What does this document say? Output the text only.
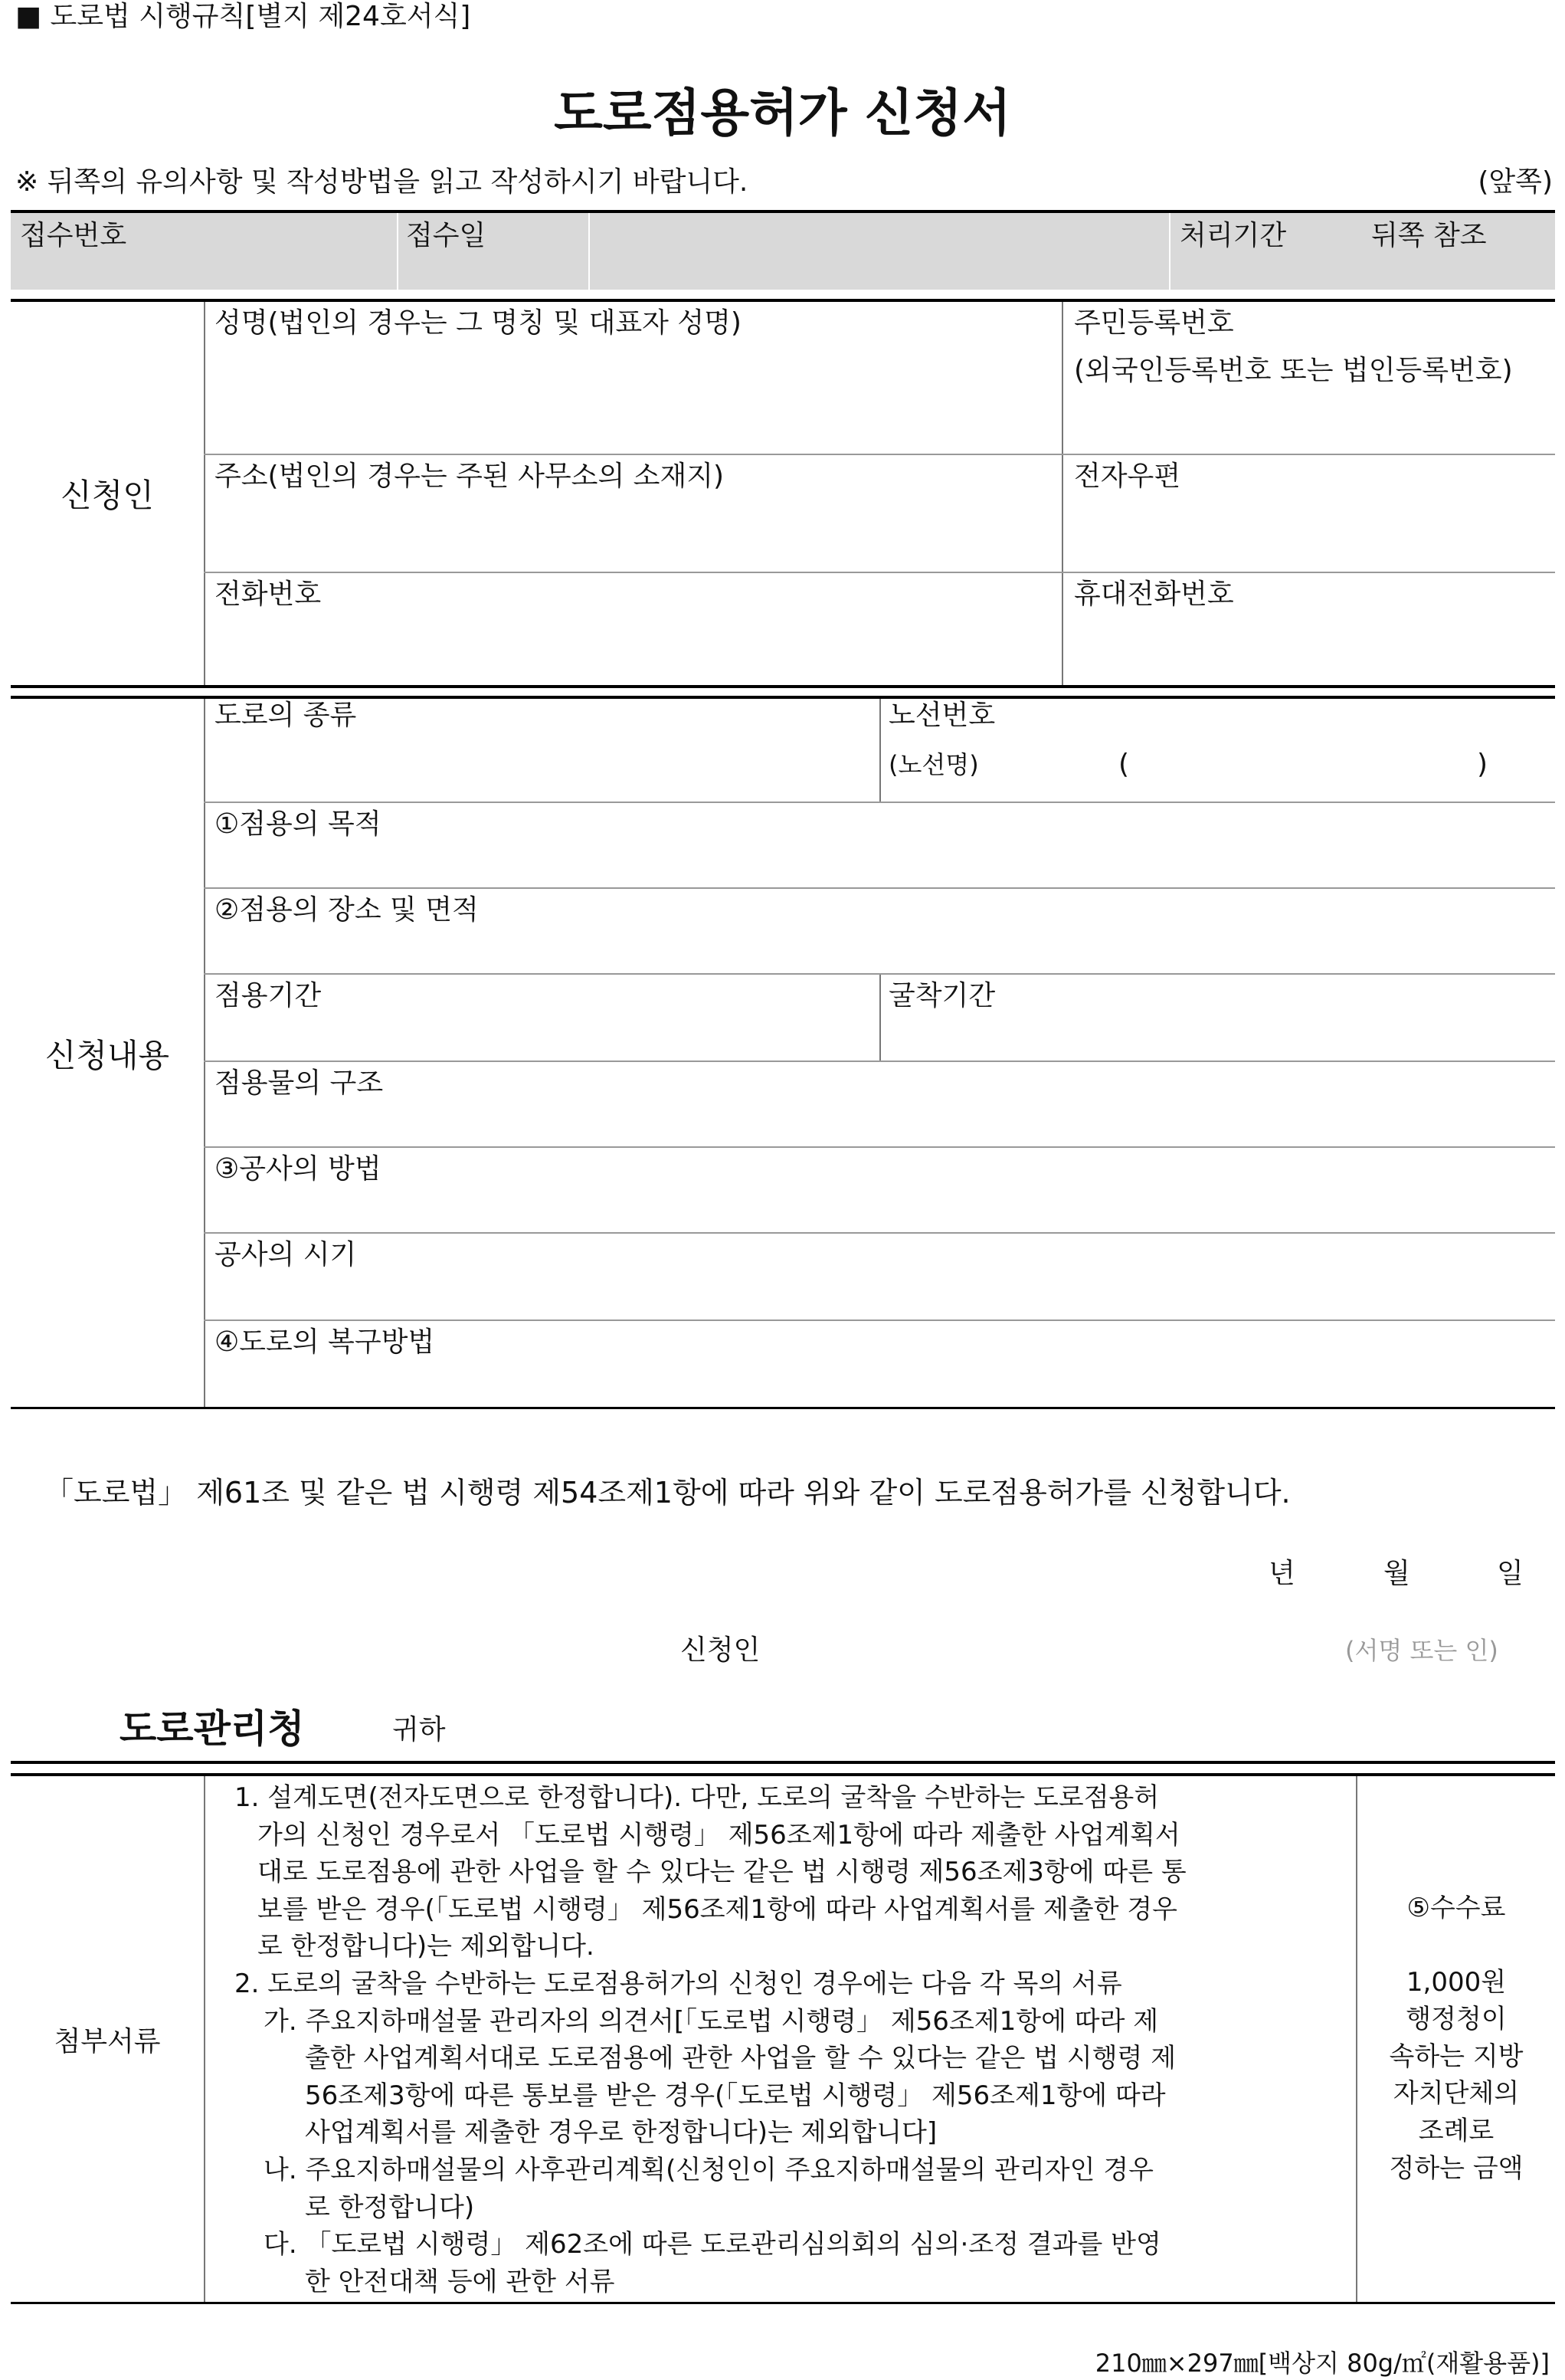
■ 도로법 시행규칙[별지 제24호서식]
도로점용허가 신청서
※ 뒤쪽의 유의사항 및 작성방법을 읽고 작성하시기 바랍니다.	(앞쪽)
접수번호	접수일	처리기간	뒤쪽 참조
신청인
성명(법인의 경우는 그 명칭 및 대표자 성명)	주민등록번호
(외국인등록번호 또는 법인등록번호)
주소(법인의 경우는 주된 사무소의 소재지)	전자우편
전화번호	휴대전화번호
신청내용
도로의 종류	노선번호
(노선명)	(	)
①점용의 목적
②점용의 장소 및 면적
점용기간	굴착기간
점용물의 구조
③공사의 방법
공사의 시기
④도로의 복구방법
「도로법」 제61조 및 같은 법 시행령 제54조제1항에 따라 위와 같이 도로점용허가를 신청합니다.
년	월	일
신청인	(서명 또는 인)
도로관리청	귀하
첨부서류
1. 설계도면(전자도면으로 한정합니다). 다만, 도로의 굴착을 수반하는 도로점용허
가의 신청인 경우로서 「도로법 시행령」 제56조제1항에 따라 제출한 사업계획서
대로 도로점용에 관한 사업을 할 수 있다는 같은 법 시행령 제56조제3항에 따른 통
보를 받은 경우(「도로법 시행령」 제56조제1항에 따라 사업계획서를 제출한 경우
로 한정합니다)는 제외합니다.
2. 도로의 굴착을 수반하는 도로점용허가의 신청인 경우에는 다음 각 목의 서류
가. 주요지하매설물 관리자의 의견서[「도로법 시행령」 제56조제1항에 따라 제
출한 사업계획서대로 도로점용에 관한 사업을 할 수 있다는 같은 법 시행령 제
56조제3항에 따른 통보를 받은 경우(「도로법 시행령」 제56조제1항에 따라
사업계획서를 제출한 경우로 한정합니다)는 제외합니다]
나. 주요지하매설물의 사후관리계획(신청인이 주요지하매설물의 관리자인 경우
로 한정합니다)
다. 「도로법 시행령」 제62조에 따른 도로관리심의회의 심의·조정 결과를 반영
한 안전대책 등에 관한 서류
⑤수수료
1,000원
행정청이
속하는 지방
자치단체의
조례로
정하는 금액
210㎜×297㎜[백상지 80g/㎡(재활용품)]
